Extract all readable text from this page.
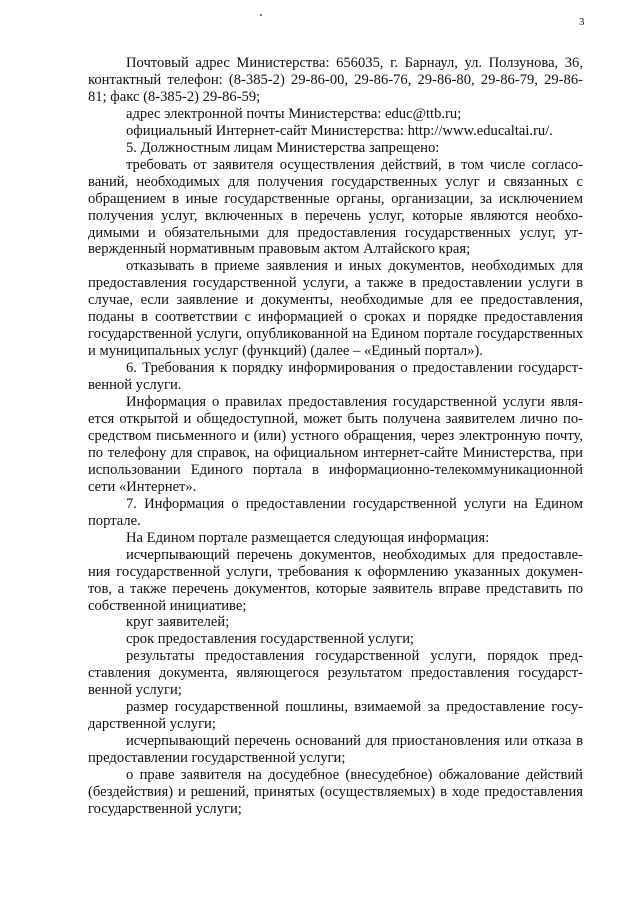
3

Почтовый адрес Министерства: 656035, г. Барнаул, ул. Ползунова, 36, контактный телефон: (8-385-2) 29-86-00, 29-86-76, 29-86-80, 29-86-79, 29-86-81; факс (8-385-2) 29-86-59;

адрес электронной почты Министерства: educ@ttb.ru;

официальный Интернет-сайт Министерства: http://www.educaltai.ru/.

5. Должностным лицам Министерства запрещено:

требовать от заявителя осуществления действий, в том числе согласований, необходимых для получения государственных услуг и связанных с обращением в иные государственные органы, организации, за исключением получения услуг, включенных в перечень услуг, которые являются необходимыми и обязательными для предоставления государственных услуг, утвержденный нормативным правовым актом Алтайского края;

отказывать в приеме заявления и иных документов, необходимых для предоставления государственной услуги, а также в предоставлении услуги в случае, если заявление и документы, необходимые для ее предоставления, поданы в соответствии с информацией о сроках и порядке предоставления государственной услуги, опубликованной на Едином портале государственных и муниципальных услуг (функций) (далее – «Единый портал»).

6. Требования к порядку информирования о предоставлении государственной услуги.

Информация о правилах предоставления государственной услуги является открытой и общедоступной, может быть получена заявителем лично посредством письменного и (или) устного обращения, через электронную почту, по телефону для справок, на официальном интернет-сайте Министерства, при использовании Единого портала в информационно-телекоммуникационной сети «Интернет».

7. Информация о предоставлении государственной услуги на Едином портале.

На Едином портале размещается следующая информация:

исчерпывающий перечень документов, необходимых для предоставления государственной услуги, требования к оформлению указанных документов, а также перечень документов, которые заявитель вправе представить по собственной инициативе;

круг заявителей;

срок предоставления государственной услуги;

результаты предоставления государственной услуги, порядок представления документа, являющегося результатом предоставления государственной услуги;

размер государственной пошлины, взимаемой за предоставление государственной услуги;

исчерпывающий перечень оснований для приостановления или отказа в предоставлении государственной услуги;

о праве заявителя на досудебное (внесудебное) обжалование действий (бездействия) и решений, принятых (осуществляемых) в ходе предоставления государственной услуги;
